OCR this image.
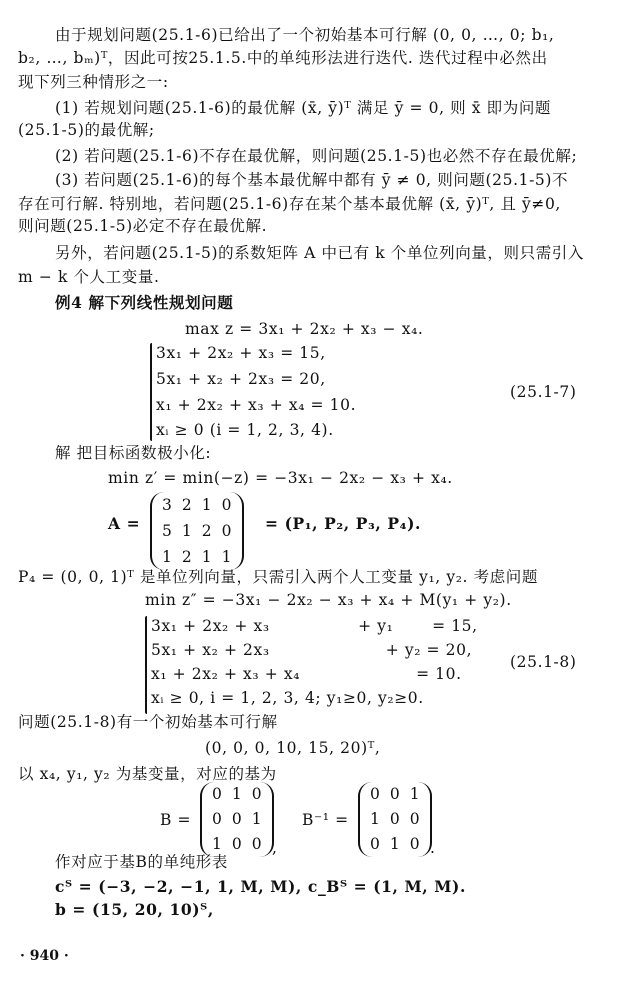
由于规划问题(25.1-6)已给出了一个初始基本可行解 (0, 0, …, 0; b₁,
b₂, …, bₘ)ᵀ，因此可按25.1.5.中的单纯形法进行迭代. 迭代过程中必然出
现下列三种情形之一:
(1) 若规划问题(25.1-6)的最优解 (x̄, ȳ)ᵀ 满足 ȳ = 0, 则 x̄ 即为问题
(25.1-5)的最优解;
(2) 若问题(25.1-6)不存在最优解，则问题(25.1-5)也必然不存在最优解;
(3) 若问题(25.1-6)的每个基本最优解中都有 ȳ ≠ 0, 则问题(25.1-5)不
存在可行解. 特别地，若问题(25.1-6)存在某个基本最优解 (x̄, ȳ)ᵀ, 且 ȳ≠0,
则问题(25.1-5)必定不存在最优解.
另外，若问题(25.1-5)的系数矩阵 A 中已有 k 个单位列向量，则只需引入
m − k 个人工变量.
例4 解下列线性规划问题
max z = 3x₁ + 2x₂ + x₃ − x₄.
3x₁ + 2x₂ + x₃ = 15,
5x₁ + x₂ + 2x₃ = 20,
x₁ + 2x₂ + x₃ + x₄ = 10.
xᵢ ≥ 0 (i = 1, 2, 3, 4).
(25.1-7)
解 把目标函数极小化:
min z′ = min(−z) = −3x₁ − 2x₂ − x₃ + x₄.
A =
3 2 1 0
5 1 2 0
1 2 1 1
= (P₁, P₂, P₃, P₄).
P₄ = (0, 0, 1)ᵀ 是单位列向量，只需引入两个人工变量 y₁, y₂. 考虑问题
min z″ = −3x₁ − 2x₂ − x₃ + x₄ + M(y₁ + y₂).
3x₁ + 2x₂ + x₃                + y₁       = 15,
5x₁ + x₂ + 2x₃                     + y₂ = 20,
x₁ + 2x₂ + x₃ + x₄                     = 10.
xᵢ ≥ 0, i = 1, 2, 3, 4; y₁≥0, y₂≥0.
(25.1-8)
问题(25.1-8)有一个初始基本可行解
(0, 0, 0, 10, 15, 20)ᵀ,
以 x₄, y₁, y₂ 为基变量，对应的基为
B =
0 1 0
0 0 1
1 0 0 ,
B⁻¹ =
0 0 1
1 0 0
0 1 0 .
作对应于基B的单纯形表
cᵀ = (−3, −2, −1, 1, M, M), c_Bᵀ = (1, M, M).
b = (15, 20, 10)ᵀ,
· 940 ·
